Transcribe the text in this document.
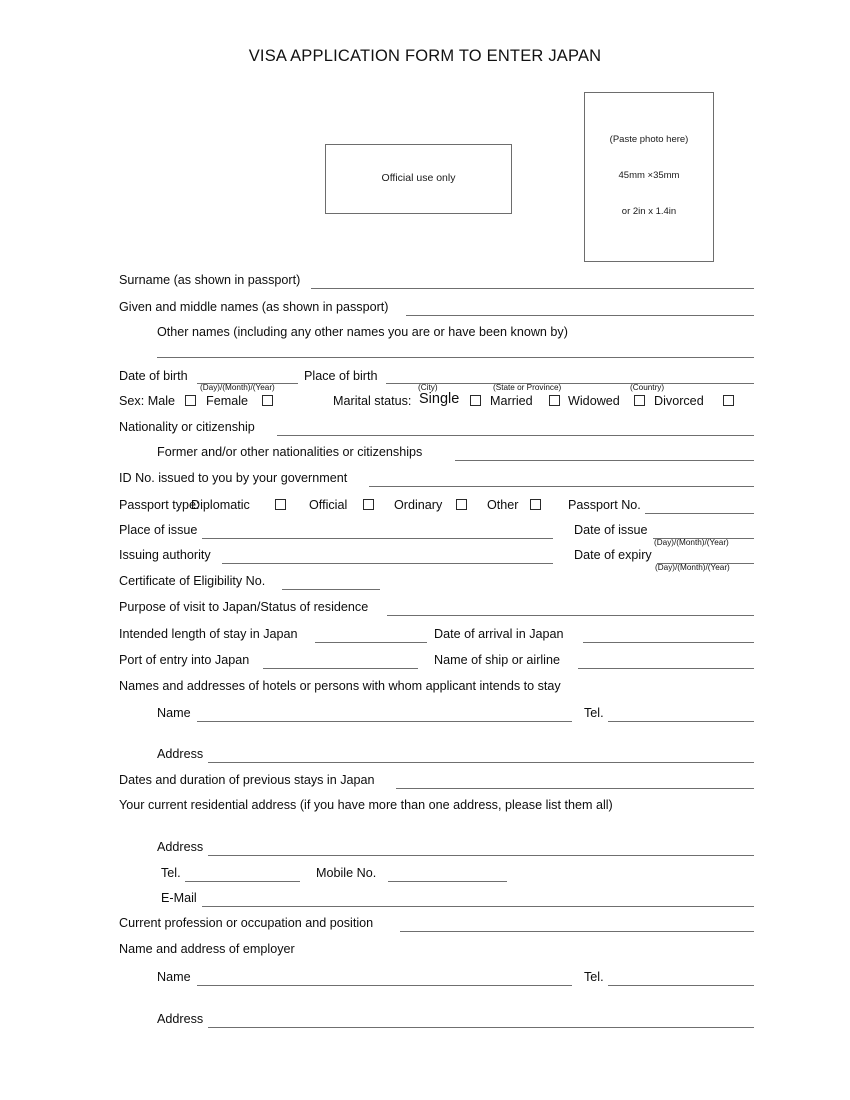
VISA APPLICATION FORM TO ENTER JAPAN
Official use only
(Paste photo here)
45mm ×35mm
or 2in x 1.4in
Surname (as shown in passport)
Given and middle names (as shown in passport)
Other names (including any other names you are or have been known by)
Date of birth
(Day)/(Month)/(Year)
Place of birth
(City)	(State or Province)	(Country)
Sex: Male Female	Marital status: Single Married	Widowed	Divorced
Nationality or citizenship
Former and/or other nationalities or citizenships
ID No. issued to you by your government
Passport type:
Diplomatic	Official	Ordinary	Other	Passport No.
Place of issue	Date of issue
(Day)/(Month)/(Year)
Issuing authority	Date of expiry
(Day)/(Month)/(Year)
Certificate of Eligibility No.
Purpose of visit to Japan/Status of residence
Intended length of stay in Japan	Date of arrival in Japan
Port of entry into Japan	Name of ship or airline
Names and addresses of hotels or persons with whom applicant intends to stay
Name	Tel.
Address
Dates and duration of previous stays in Japan
Your current residential address (if you have more than one address, please list them all)
Address
Tel.	Mobile No.
E-Mail
Current profession or occupation and position
Name and address of employer
Name	Tel.
Address
